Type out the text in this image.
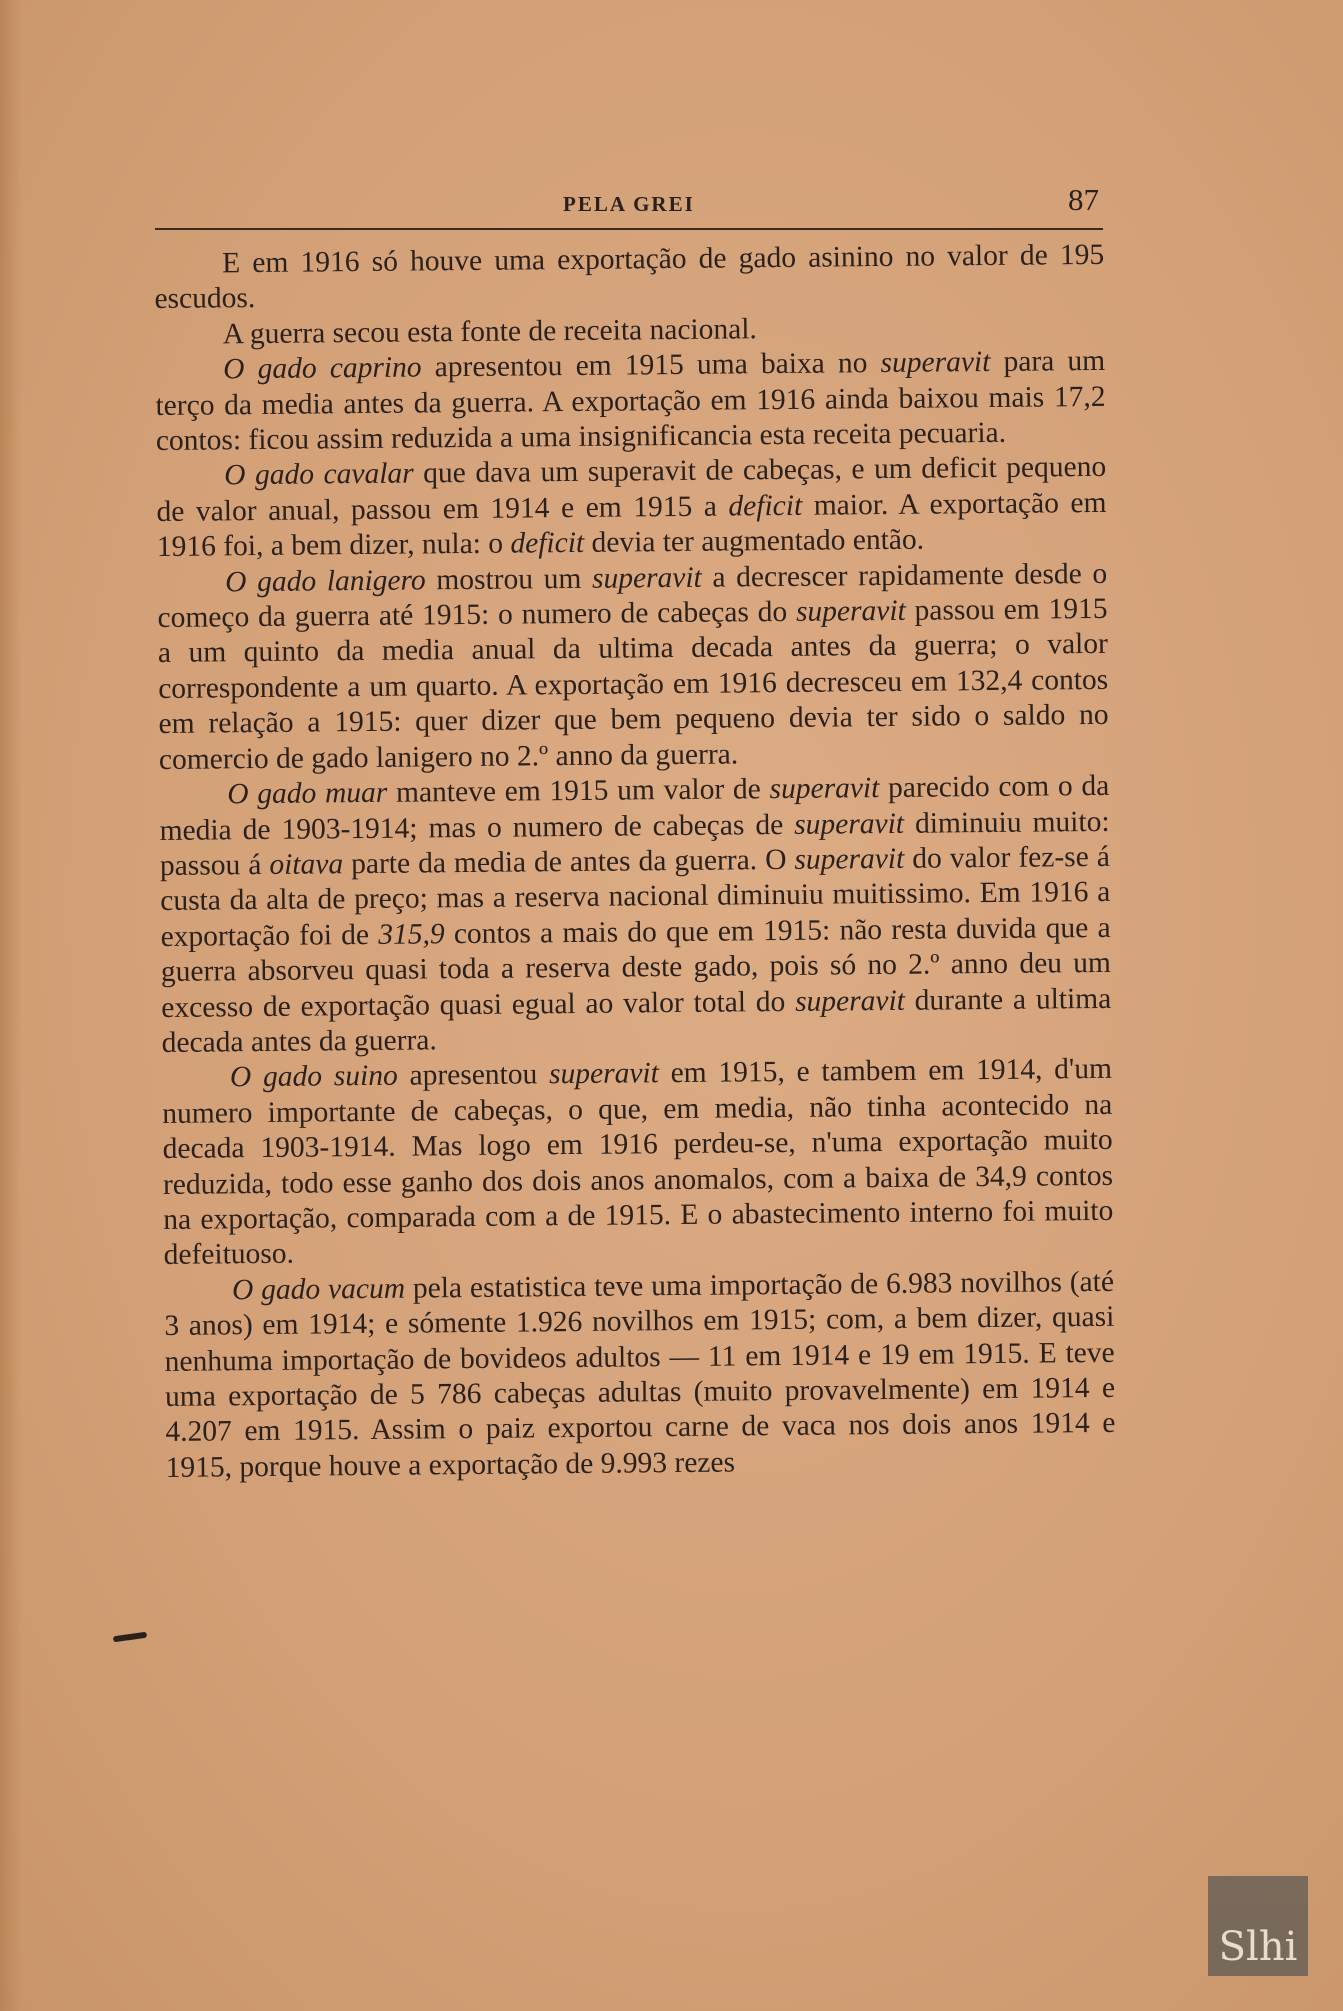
PELA GREI	87

E em 1916 só houve uma exportação de gado asinino no valor de 195 escudos.

A guerra secou esta fonte de receita nacional.

O gado caprino apresentou em 1915 uma baixa no superavit para um terço da media antes da guerra. A exportação em 1916 ainda baixou mais 17,2 contos: ficou assim reduzida a uma insignificancia esta receita pecuaria.

O gado cavalar que dava um superavit de cabeças, e um deficit pequeno de valor anual, passou em 1914 e em 1915 a deficit maior. A exportação em 1916 foi, a bem dizer, nula: o deficit devia ter augmentado então.

O gado lanigero mostrou um superavit a decrescer rapidamente desde o começo da guerra até 1915: o numero de cabeças do superavit passou em 1915 a um quinto da media anual da ultima decada antes da guerra; o valor correspondente a um quarto. A exportação em 1916 decresceu em 132,4 contos em relação a 1915: quer dizer que bem pequeno devia ter sido o saldo no comercio de gado lanigero no 2.º anno da guerra.

O gado muar manteve em 1915 um valor de superavit parecido com o da media de 1903-1914; mas o numero de cabeças de superavit diminuiu muito: passou á oitava parte da media de antes da guerra. O superavit do valor fez-se á custa da alta de preço; mas a reserva nacional diminuiu muitissimo. Em 1916 a exportação foi de 315,9 contos a mais do que em 1915: não resta duvida que a guerra absorveu quasi toda a reserva deste gado, pois só no 2.º anno deu um excesso de exportação quasi egual ao valor total do superavit durante a ultima decada antes da guerra.

O gado suino apresentou superavit em 1915, e tambem em 1914, d'um numero importante de cabeças, o que, em media, não tinha acontecido na decada 1903-1914. Mas logo em 1916 perdeu-se, n'uma exportação muito reduzida, todo esse ganho dos dois anos anomalos, com a baixa de 34,9 contos na exportação, comparada com a de 1915. E o abastecimento interno foi muito defeituoso.

O gado vacum pela estatistica teve uma importação de 6.983 novilhos (até 3 anos) em 1914; e sómente 1.926 novilhos em 1915; com, a bem dizer, quasi nenhuma importação de bovideos adultos — 11 em 1914 e 19 em 1915. E teve uma exportação de 5 786 cabeças adultas (muito provavelmente) em 1914 e 4.207 em 1915. Assim o paiz exportou carne de vaca nos dois anos 1914 e 1915, porque houve a exportação de 9.993 rezes

Slhi
